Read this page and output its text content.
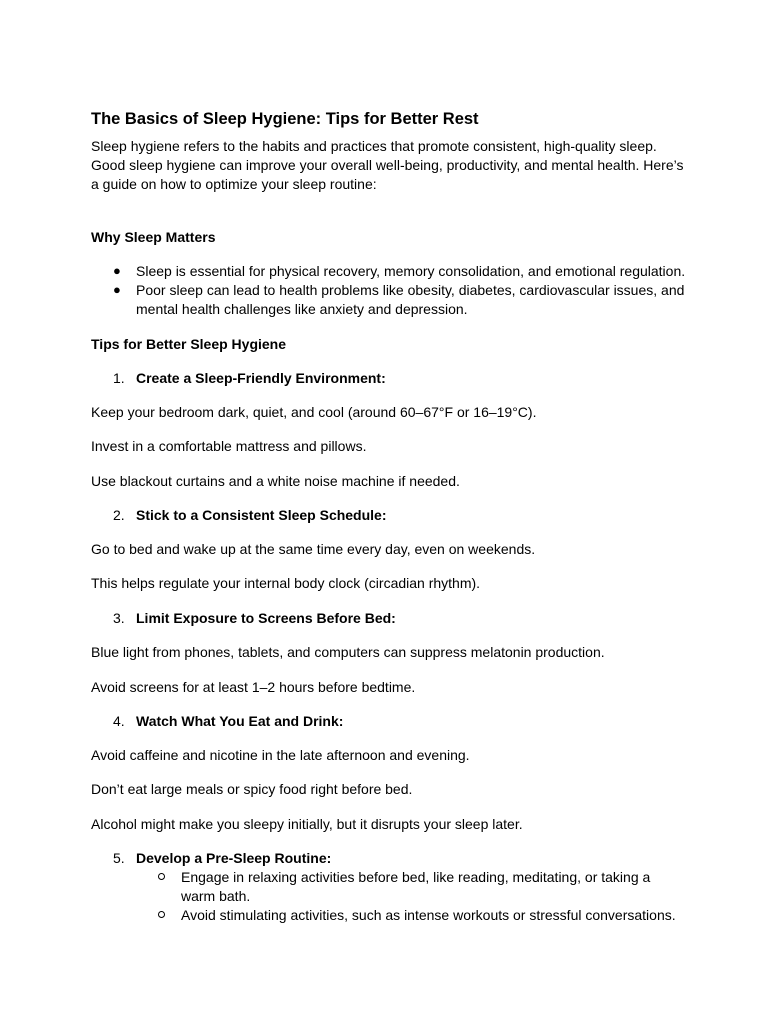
The Basics of Sleep Hygiene: Tips for Better Rest
Sleep hygiene refers to the habits and practices that promote consistent, high-quality sleep.
Good sleep hygiene can improve your overall well-being, productivity, and mental health. Here’s
a guide on how to optimize your sleep routine:
Why Sleep Matters
● Sleep is essential for physical recovery, memory consolidation, and emotional regulation.
● Poor sleep can lead to health problems like obesity, diabetes, cardiovascular issues, and
mental health challenges like anxiety and depression.
Tips for Better Sleep Hygiene
1. Create a Sleep-Friendly Environment:
Keep your bedroom dark, quiet, and cool (around 60–67°F or 16–19°C).
Invest in a comfortable mattress and pillows.
Use blackout curtains and a white noise machine if needed.
2. Stick to a Consistent Sleep Schedule:
Go to bed and wake up at the same time every day, even on weekends.
This helps regulate your internal body clock (circadian rhythm).
3. Limit Exposure to Screens Before Bed:
Blue light from phones, tablets, and computers can suppress melatonin production.
Avoid screens for at least 1–2 hours before bedtime.
4. Watch What You Eat and Drink:
Avoid caffeine and nicotine in the late afternoon and evening.
Don’t eat large meals or spicy food right before bed.
Alcohol might make you sleepy initially, but it disrupts your sleep later.
5. Develop a Pre-Sleep Routine:
Engage in relaxing activities before bed, like reading, meditating, or taking a
warm bath.
Avoid stimulating activities, such as intense workouts or stressful conversations.
